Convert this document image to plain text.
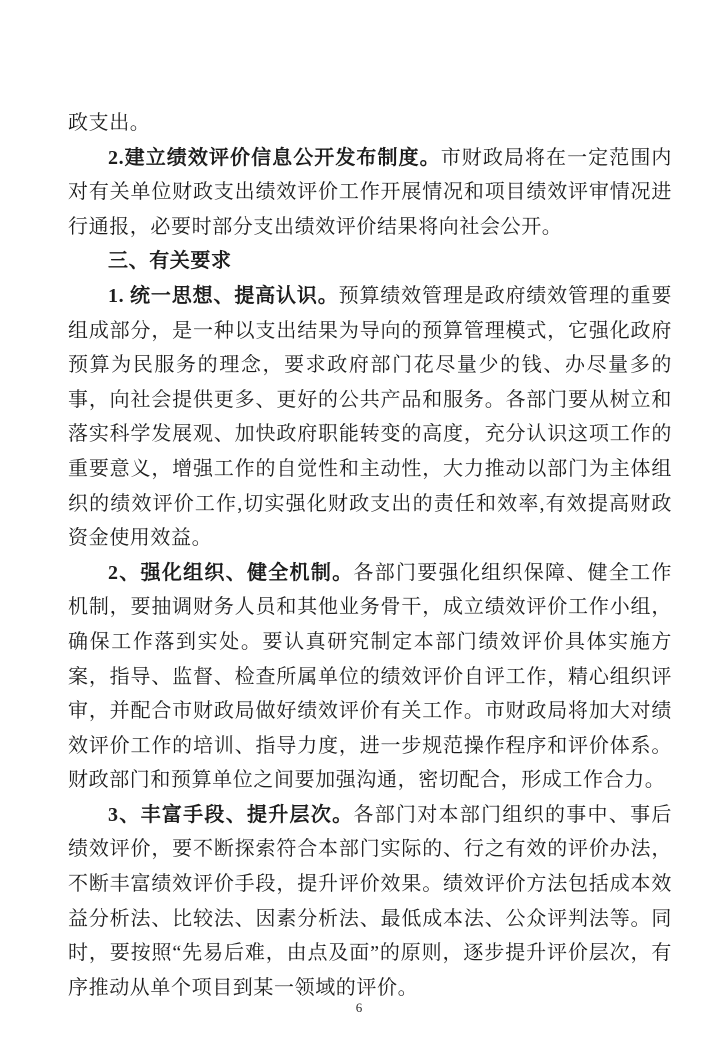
政支出。

2.建立绩效评价信息公开发布制度。市财政局将在一定范围内对有关单位财政支出绩效评价工作开展情况和项目绩效评审情况进行通报，必要时部分支出绩效评价结果将向社会公开。

三、有关要求

1. 统一思想、提高认识。预算绩效管理是政府绩效管理的重要组成部分，是一种以支出结果为导向的预算管理模式，它强化政府预算为民服务的理念，要求政府部门花尽量少的钱、办尽量多的事，向社会提供更多、更好的公共产品和服务。各部门要从树立和落实科学发展观、加快政府职能转变的高度，充分认识这项工作的重要意义，增强工作的自觉性和主动性，大力推动以部门为主体组织的绩效评价工作,切实强化财政支出的责任和效率,有效提高财政资金使用效益。

2、强化组织、健全机制。各部门要强化组织保障、健全工作机制，要抽调财务人员和其他业务骨干，成立绩效评价工作小组，确保工作落到实处。要认真研究制定本部门绩效评价具体实施方案，指导、监督、检查所属单位的绩效评价自评工作，精心组织评审，并配合市财政局做好绩效评价有关工作。市财政局将加大对绩效评价工作的培训、指导力度，进一步规范操作程序和评价体系。财政部门和预算单位之间要加强沟通，密切配合，形成工作合力。

3、丰富手段、提升层次。各部门对本部门组织的事中、事后绩效评价，要不断探索符合本部门实际的、行之有效的评价办法，不断丰富绩效评价手段，提升评价效果。绩效评价方法包括成本效益分析法、比较法、因素分析法、最低成本法、公众评判法等。同时，要按照“先易后难，由点及面”的原则，逐步提升评价层次，有序推动从单个项目到某一领域的评价。

6
